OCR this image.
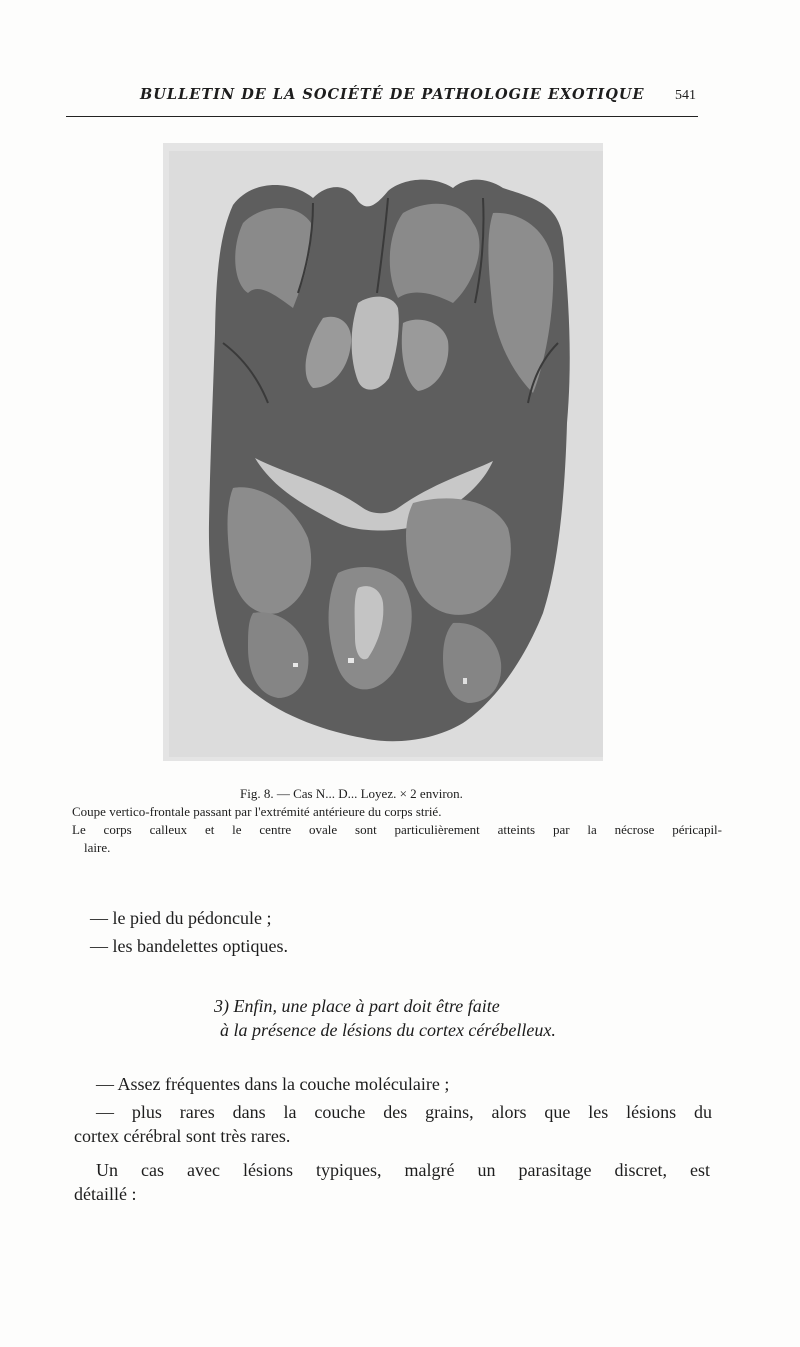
BULLETIN DE LA SOCIÉTÉ DE PATHOLOGIE EXOTIQUE 541
Fig. 8. — Cas N... D... Loyez. × 2 environ.
Coupe vertico-frontale passant par l'extrémité antérieure du corps strié.
Le corps calleux et le centre ovale sont particulièrement atteints par la nécrose péricapil-
laire.
— le pied du pédoncule ;
— les bandelettes optiques.
3) Enfin, une place à part doit être faite
à la présence de lésions du cortex cérébelleux.
— Assez fréquentes dans la couche moléculaire ;
— plus rares dans la couche des grains, alors que les lésions du
cortex cérébral sont très rares.
Un cas avec lésions typiques, malgré un parasitage discret, est
détaillé :
